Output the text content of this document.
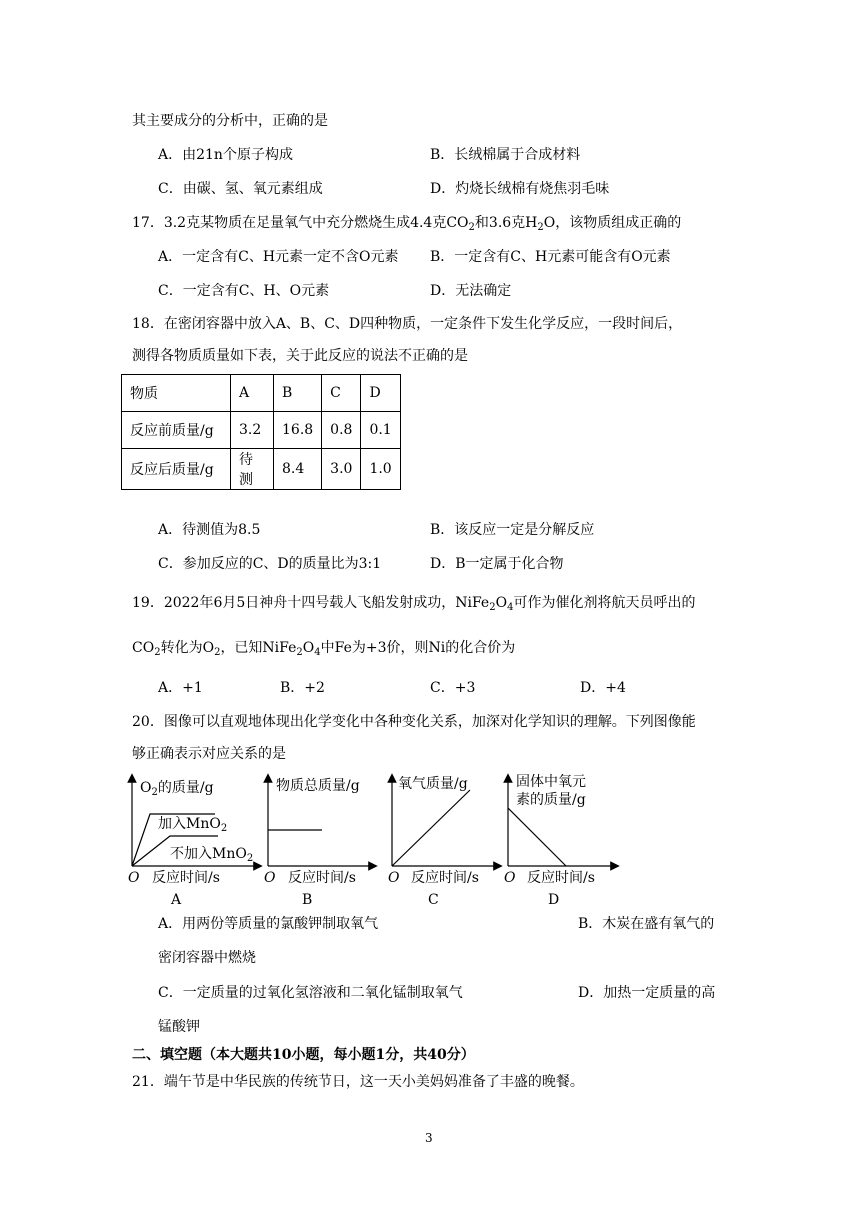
其主要成分的分析中，正确的是
A．由21n个原子构成	B．长绒棉属于合成材料
C．由碳、氢、氧元素组成	D．灼烧长绒棉有烧焦羽毛味
17．3.2克某物质在足量氧气中充分燃烧生成4.4克$CO_2$和3.6克$H_2O$，该物质组成正确的
A．一定含有C、H元素一定不含O元素 B．一定含有C、H元素可能含有O元素
C．一定含有C、H、O元素	D．无法确定
18．在密闭容器中放入A、B、C、D四种物质，一定条件下发生化学反应，一段时间后，
测得各物质质量如下表，关于此反应的说法不正确的是
物质	A	B	C	D
反应前质量/g	3.2	16.8	0.8	0.1
反应后质量/g	待测	8.4	3.0	1.0
A．待测值为8.5	B．该反应一定是分解反应
C．参加反应的C、D的质量比为3:1	D．B一定属于化合物
19．2022年6月5日神舟十四号载人飞船发射成功，$NiFe_2O_4$可作为催化剂将航天员呼出的
$CO_2$转化为$O_2$，已知$NiFe_2O_4$中Fe为+3价，则Ni的化合价为
A．+1	B．+2	C．+3	D．+4
20．图像可以直观地体现出化学变化中各种变化关系，加深对化学知识的理解。下列图像能
够正确表示对应关系的是
$O_2$的质量/g
加入MnO$_2$
不加入MnO$_2$
O 反应时间/s
A
物质总质量/g
O 反应时间/s
B
氧气质量/g
O 反应时间/s
C
固体中氧元
素的质量/g
O 反应时间/s
D
A．用两份等质量的氯酸钾制取氧气	B．木炭在盛有氧气的
密闭容器中燃烧
C．一定质量的过氧化氢溶液和二氧化锰制取氧气	D．加热一定质量的高
锰酸钾
二、填空题（本大题共10小题，每小题1分，共40分）
21．端午节是中华民族的传统节日，这一天小美妈妈准备了丰盛的晚餐。
3
